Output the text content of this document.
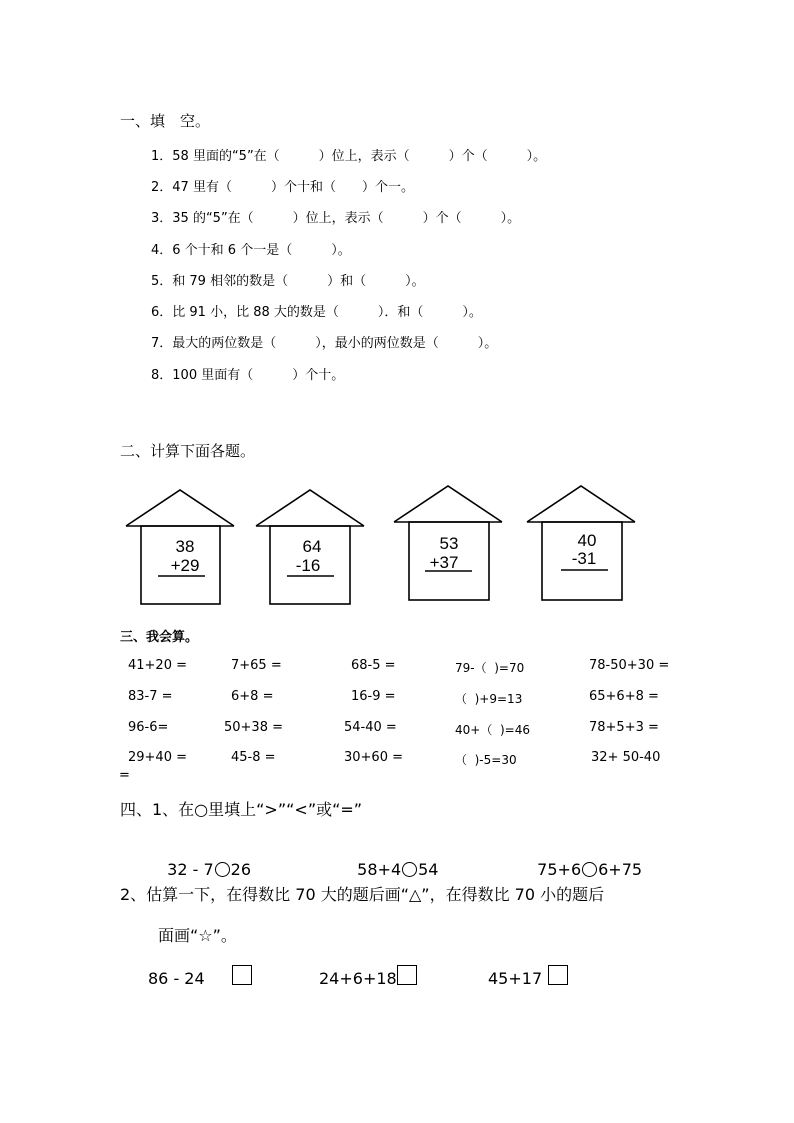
一、填　空。
1．58 里面的“5”在（　　　）位上，表示（　　　）个（　　　）。
2．47 里有（　　　）个十和（　　）个一。
3．35 的“5”在（　　　）位上，表示（　　　）个（　　　）。
4．6 个十和 6 个一是（　　　）。
5．和 79 相邻的数是（　　　）和（　　　）。
6．比 91 小，比 88 大的数是（　　　）．和（　　　）。
7．最大的两位数是（　　　），最小的两位数是（　　　）。
8．100 里面有（　　　）个十。
二、计算下面各题。
38
+29
64
-16
53
+37
40
-31
三、我会算。
41+20 =	7+65 =	68-5 =	79-（  )=70	78-50+30 =
83-7 =	6+8 =	16-9 =	（  )+9=13	65+6+8 =
96-6=	50+38 =	54-40 =	40+（  )=46	78+5+3 =
29+40 =	45-8 =	30+60 =	（  )-5=30	32+ 50-40
=
四、1、在○里填上“>”“<”或“=”

32 - 7 26	58+4 54	75+6 6+75

2、估算一下，在得数比 70 大的题后画“△”，在得数比 70 小的题后
面画“☆”。
86 - 24	24+6+18	45+17
